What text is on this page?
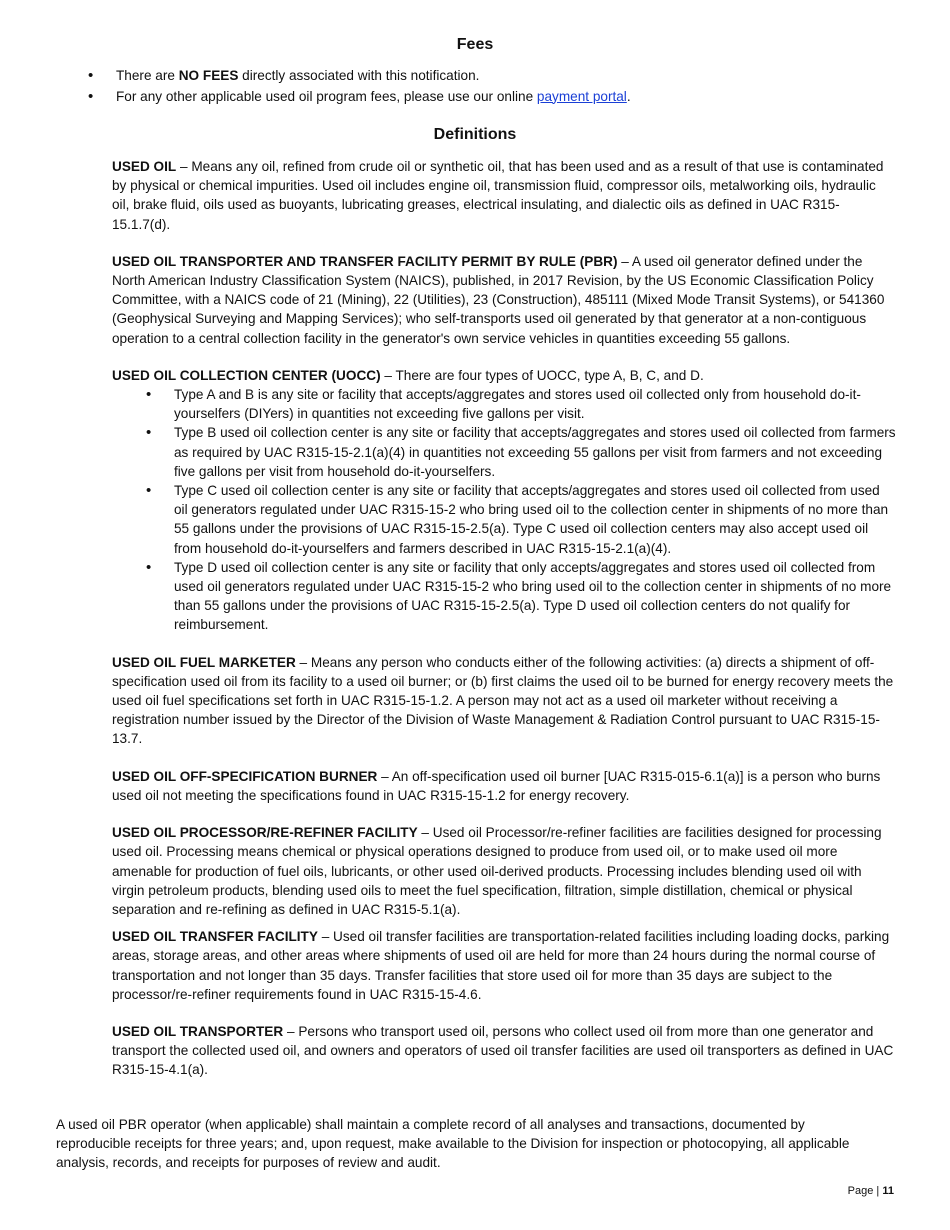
Fees
• There are NO FEES directly associated with this notification.
• For any other applicable used oil program fees, please use our online payment portal.
Definitions

USED OIL – Means any oil, refined from crude oil or synthetic oil, that has been used and as a result of that use is contaminated by physical or chemical impurities. Used oil includes engine oil, transmission fluid, compressor oils, metalworking oils, hydraulic oil, brake fluid, oils used as buoyants, lubricating greases, electrical insulating, and dialectic oils as defined in UAC R315-15.1.7(d).

USED OIL TRANSPORTER AND TRANSFER FACILITY PERMIT BY RULE (PBR) – A used oil generator defined under the North American Industry Classification System (NAICS), published, in 2017 Revision, by the US Economic Classification Policy Committee, with a NAICS code of 21 (Mining), 22 (Utilities), 23 (Construction), 485111 (Mixed Mode Transit Systems), or 541360 (Geophysical Surveying and Mapping Services); who self-transports used oil generated by that generator at a non-contiguous operation to a central collection facility in the generator's own service vehicles in quantities exceeding 55 gallons.

USED OIL COLLECTION CENTER (UOCC) – There are four types of UOCC, type A, B, C, and D.

• Type A and B is any site or facility that accepts/aggregates and stores used oil collected only from household do-it-yourselfers (DIYers) in quantities not exceeding five gallons per visit.
• Type B used oil collection center is any site or facility that accepts/aggregates and stores used oil collected from farmers as required by UAC R315-15-2.1(a)(4) in quantities not exceeding 55 gallons per visit from farmers and not exceeding five gallons per visit from household do-it-yourselfers.
• Type C used oil collection center is any site or facility that accepts/aggregates and stores used oil collected from used oil generators regulated under UAC R315-15-2 who bring used oil to the collection center in shipments of no more than 55 gallons under the provisions of UAC R315-15-2.5(a). Type C used oil collection centers may also accept used oil from household do-it-yourselfers and farmers described in UAC R315-15-2.1(a)(4).
• Type D used oil collection center is any site or facility that only accepts/aggregates and stores used oil collected from used oil generators regulated under UAC R315-15-2 who bring used oil to the collection center in shipments of no more than 55 gallons under the provisions of UAC R315-15-2.5(a). Type D used oil collection centers do not qualify for reimbursement.

USED OIL FUEL MARKETER – Means any person who conducts either of the following activities: (a) directs a shipment of off-specification used oil from its facility to a used oil burner; or (b) first claims the used oil to be burned for energy recovery meets the used oil fuel specifications set forth in UAC R315-15-1.2. A person may not act as a used oil marketer without receiving a registration number issued by the Director of the Division of Waste Management & Radiation Control pursuant to UAC R315-15-13.7.

USED OIL OFF-SPECIFICATION BURNER – An off-specification used oil burner [UAC R315-015-6.1(a)] is a person who burns used oil not meeting the specifications found in UAC R315-15-1.2 for energy recovery.

USED OIL PROCESSOR/RE-REFINER FACILITY – Used oil Processor/re-refiner facilities are facilities designed for processing used oil. Processing means chemical or physical operations designed to produce from used oil, or to make used oil more amenable for production of fuel oils, lubricants, or other used oil-derived products. Processing includes blending used oil with virgin petroleum products, blending used oils to meet the fuel specification, filtration, simple distillation, chemical or physical separation and re-refining as defined in UAC R315-5.1(a).

USED OIL TRANSFER FACILITY – Used oil transfer facilities are transportation-related facilities including loading docks, parking areas, storage areas, and other areas where shipments of used oil are held for more than 24 hours during the normal course of transportation and not longer than 35 days. Transfer facilities that store used oil for more than 35 days are subject to the processor/re-refiner requirements found in UAC R315-15-4.6.

USED OIL TRANSPORTER – Persons who transport used oil, persons who collect used oil from more than one generator and transport the collected used oil, and owners and operators of used oil transfer facilities are used oil transporters as defined in UAC R315-15-4.1(a).

A used oil PBR operator (when applicable) shall maintain a complete record of all analyses and transactions, documented by reproducible receipts for three years; and, upon request, make available to the Division for inspection or photocopying, all applicable analysis, records, and receipts for purposes of review and audit.

Page | 11
